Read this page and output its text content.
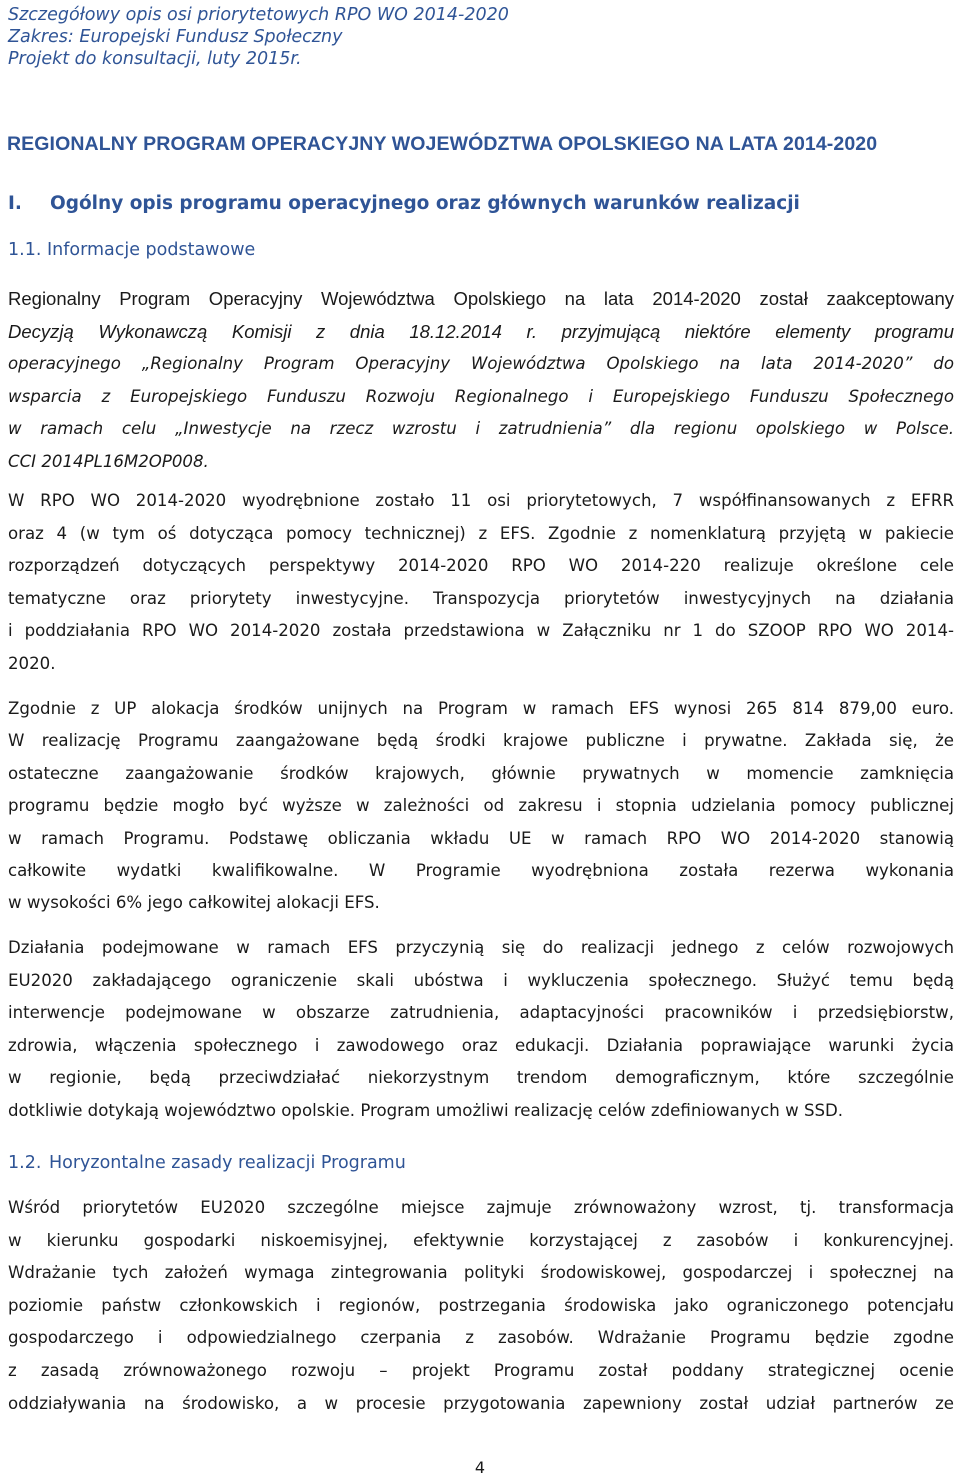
Szczegółowy opis osi priorytetowych RPO WO 2014-2020
Zakres: Europejski Fundusz Społeczny
Projekt do konsultacji, luty 2015r.
REGIONALNY PROGRAM OPERACYJNY WOJEWÓDZTWA OPOLSKIEGO NA LATA 2014-2020
I. Ogólny opis programu operacyjnego oraz głównych warunków realizacji
1.1. Informacje podstawowe
Regionalny Program Operacyjny Województwa Opolskiego na lata 2014-2020 został zaakceptowany
Decyzją Wykonawczą Komisji z dnia 18.12.2014 r. przyjmującą niektóre elementy programu
operacyjnego „Regionalny Program Operacyjny Województwa Opolskiego na lata 2014-2020” do
wsparcia z Europejskiego Funduszu Rozwoju Regionalnego i Europejskiego Funduszu Społecznego
w ramach celu „Inwestycje na rzecz wzrostu i zatrudnienia” dla regionu opolskiego w Polsce.
CCI 2014PL16M2OP008.
W RPO WO 2014-2020 wyodrębnione zostało 11 osi priorytetowych, 7 współfinansowanych z EFRR
oraz 4 (w tym oś dotycząca pomocy technicznej) z EFS. Zgodnie z nomenklaturą przyjętą w pakiecie
rozporządzeń dotyczących perspektywy 2014-2020 RPO WO 2014-220 realizuje określone cele
tematyczne oraz priorytety inwestycyjne. Transpozycja priorytetów inwestycyjnych na działania
i poddziałania RPO WO 2014-2020 została przedstawiona w Załączniku nr 1 do SZOOP RPO WO 2014-
2020.
Zgodnie z UP alokacja środków unijnych na Program w ramach EFS wynosi 265 814 879,00 euro.
W realizację Programu zaangażowane będą środki krajowe publiczne i prywatne. Zakłada się, że
ostateczne zaangażowanie środków krajowych, głównie prywatnych w momencie zamknięcia
programu będzie mogło być wyższe w zależności od zakresu i stopnia udzielania pomocy publicznej
w ramach Programu. Podstawę obliczania wkładu UE w ramach RPO WO 2014-2020 stanowią
całkowite wydatki kwalifikowalne. W Programie wyodrębniona została rezerwa wykonania
w wysokości 6% jego całkowitej alokacji EFS.
Działania podejmowane w ramach EFS przyczynią się do realizacji jednego z celów rozwojowych
EU2020 zakładającego ograniczenie skali ubóstwa i wykluczenia społecznego. Służyć temu będą
interwencje podejmowane w obszarze zatrudnienia, adaptacyjności pracowników i przedsiębiorstw,
zdrowia, włączenia społecznego i zawodowego oraz edukacji. Działania poprawiające warunki życia
w regionie, będą przeciwdziałać niekorzystnym trendom demograficznym, które szczególnie
dotkliwie dotykają województwo opolskie. Program umożliwi realizację celów zdefiniowanych w SSD.
1.2. Horyzontalne zasady realizacji Programu
Wśród priorytetów EU2020 szczególne miejsce zajmuje zrównoważony wzrost, tj. transformacja
w kierunku gospodarki niskoemisyjnej, efektywnie korzystającej z zasobów i konkurencyjnej.
Wdrażanie tych założeń wymaga zintegrowania polityki środowiskowej, gospodarczej i społecznej na
poziomie państw członkowskich i regionów, postrzegania środowiska jako ograniczonego potencjału
gospodarczego i odpowiedzialnego czerpania z zasobów. Wdrażanie Programu będzie zgodne
z zasadą zrównoważonego rozwoju – projekt Programu został poddany strategicznej ocenie
oddziaływania na środowisko, a w procesie przygotowania zapewniony został udział partnerów ze
4
